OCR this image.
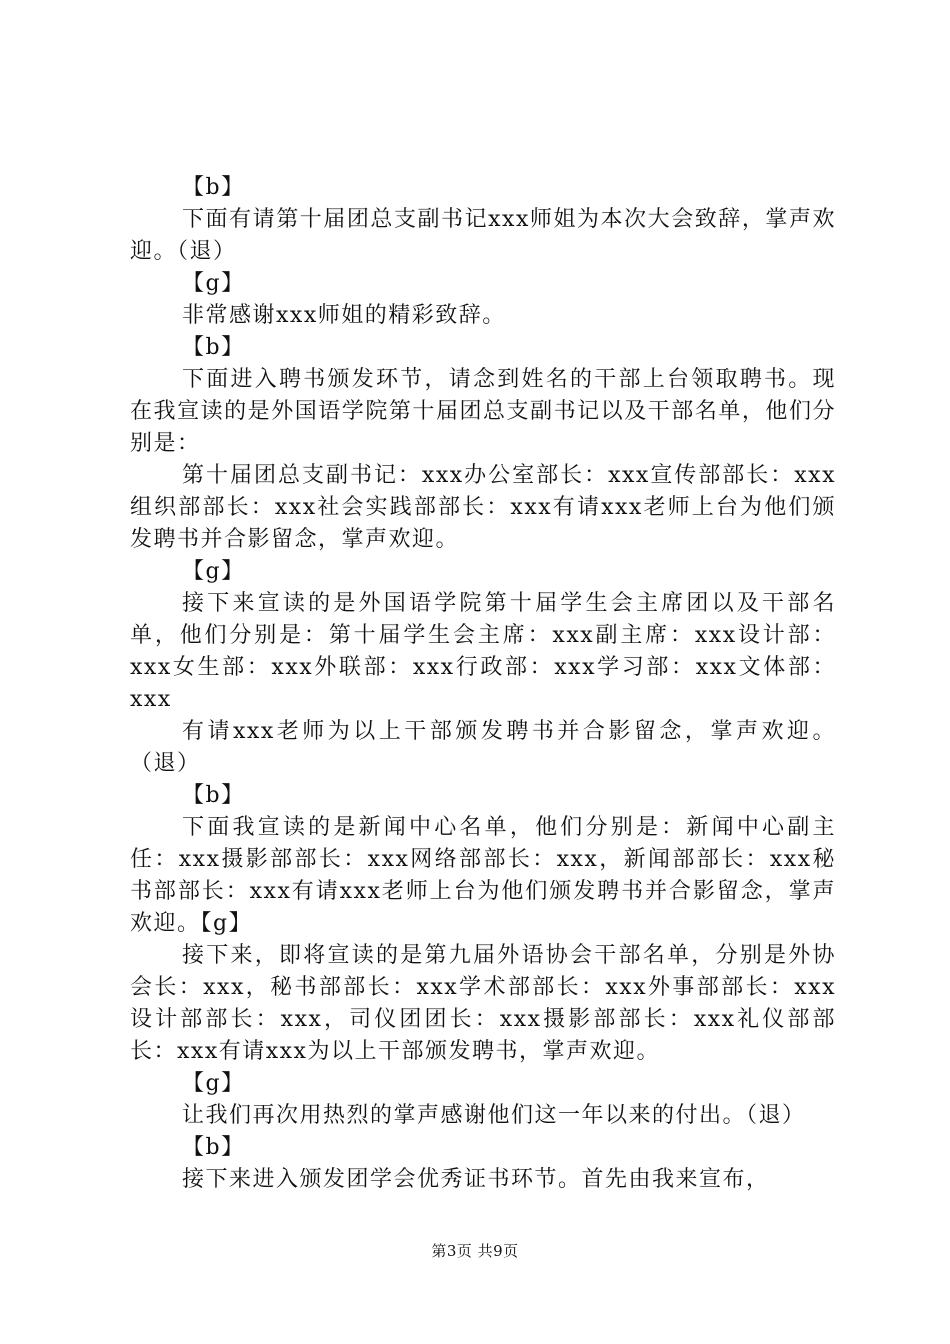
【b】

下面有请第十届团总支副书记xxx师姐为本次大会致辞，掌声欢迎。（退）

【g】

非常感谢xxx师姐的精彩致辞。

【b】

下面进入聘书颁发环节，请念到姓名的干部上台领取聘书。现在我宣读的是外国语学院第十届团总支副书记以及干部名单，他们分别是：

第十届团总支副书记：xxx办公室部长：xxx宣传部部长：xxx组织部部长：xxx社会实践部部长：xxx有请xxx老师上台为他们颁发聘书并合影留念，掌声欢迎。

【g】

接下来宣读的是外国语学院第十届学生会主席团以及干部名单，他们分别是：第十届学生会主席：xxx副主席：xxx设计部：xxx女生部：xxx外联部：xxx行政部：xxx学习部：xxx文体部：xxx

有请xxx老师为以上干部颁发聘书并合影留念，掌声欢迎。（退）

【b】

下面我宣读的是新闻中心名单，他们分别是：新闻中心副主任：xxx摄影部部长：xxx网络部部长：xxx，新闻部部长：xxx秘书部部长：xxx有请xxx老师上台为他们颁发聘书并合影留念，掌声欢迎。【g】

接下来，即将宣读的是第九届外语协会干部名单，分别是外协会长：xxx，秘书部部长：xxx学术部部长：xxx外事部部长：xxx设计部部长：xxx，司仪团团长：xxx摄影部部长：xxx礼仪部部长：xxx有请xxx为以上干部颁发聘书，掌声欢迎。

【g】

让我们再次用热烈的掌声感谢他们这一年以来的付出。（退）

【b】

接下来进入颁发团学会优秀证书环节。首先由我来宣布，

第3页 共9页
